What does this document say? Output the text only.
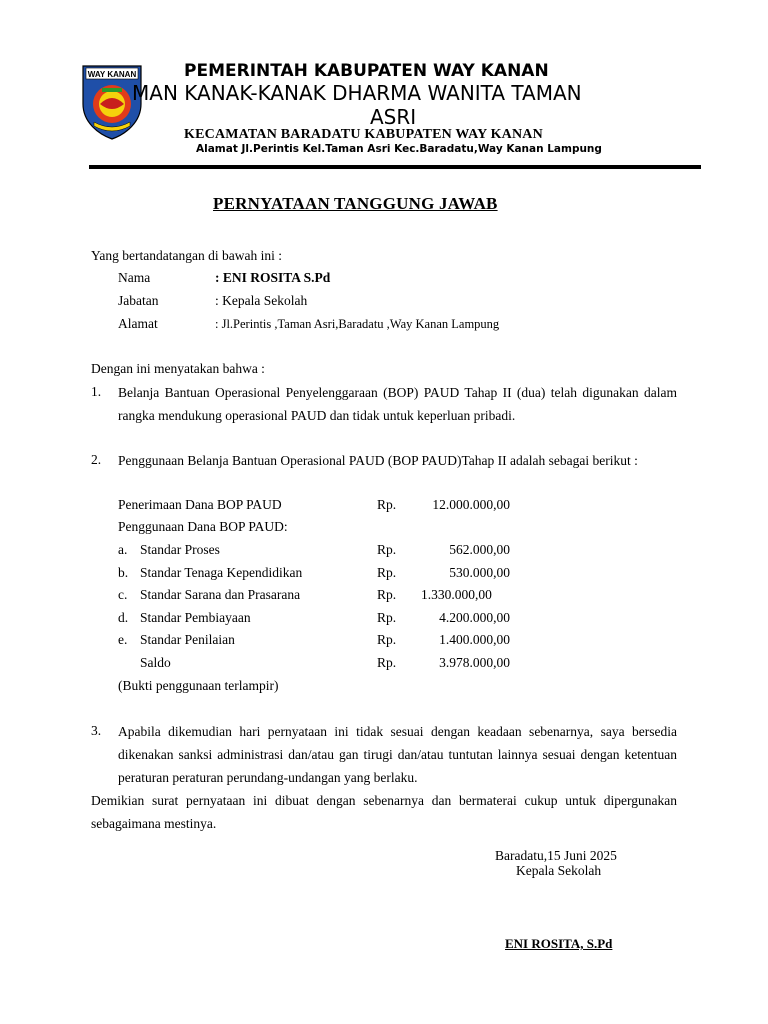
WAY KANAN	PEMERINTAH KABUPATEN WAY KANAN
MAN KANAK-KANAK DHARMA WANITA TAMAN
ASRI
KECAMATAN BARADATU KABUPATEN WAY KANAN
Alamat Jl.Perintis Kel.Taman Asri Kec.Baradatu,Way Kanan Lampung
PERNYATAAN TANGGUNG JAWAB
Yang bertandatangan di bawah ini :
Nama	: ENI ROSITA S.Pd
Jabatan	: Kepala Sekolah
Alamat	: Jl.Perintis ,Taman Asri,Baradatu ,Way Kanan Lampung
Dengan ini menyatakan bahwa :
1. Belanja Bantuan Operasional Penyelenggaraan (BOP) PAUD Tahap II (dua) telah digunakan dalam rangka mendukung operasional PAUD dan tidak untuk keperluan pribadi.
2. Penggunaan Belanja Bantuan Operasional PAUD (BOP PAUD)Tahap II adalah sebagai berikut :
Penerimaan Dana BOP PAUD	Rp.	12.000.000,00
Penggunaan Dana BOP PAUD:
a. Standar Proses	Rp.	562.000,00
b. Standar Tenaga Kependidikan	Rp.	530.000,00
c. Standar Sarana dan Prasarana	Rp. 1.330.000,00
d. Standar Pembiayaan	Rp.	4.200.000,00
e. Standar Penilaian	Rp.	1.400.000,00
Saldo	Rp.	3.978.000,00
(Bukti penggunaan terlampir)
3. Apabila dikemudian hari pernyataan ini tidak sesuai dengan keadaan sebenarnya, saya bersedia dikenakan sanksi administrasi dan/atau gan tirugi dan/atau tuntutan lainnya sesuai dengan ketentuan peraturan peraturan perundang-undangan yang berlaku.
Demikian surat pernyataan ini dibuat dengan sebenarnya dan bermaterai cukup untuk dipergunakan sebagaimana mestinya.
Baradatu,15 Juni 2025
Kepala Sekolah
ENI ROSITA, S.Pd
